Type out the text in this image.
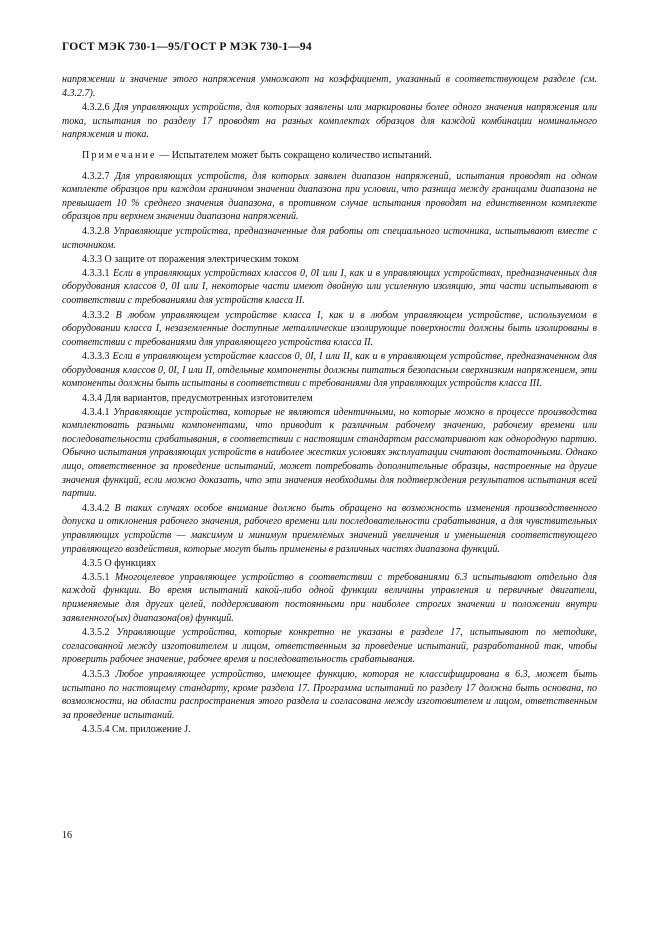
ГОСТ МЭК 730-1—95/ГОСТ Р МЭК 730-1—94

напряжении и значение этого напряжения умножают на коэффициент, указанный в соответствующем разделе (см. 4.3.2.7).

4.3.2.6 Для управляющих устройств, для которых заявлены или маркированы более одного значения напряжения или тока, испытания по разделу 17 проводят на разных комплектах образцов для каждой комбинации номинального напряжения и тока.

Примечание — Испытателем может быть сокращено количество испытаний.

4.3.2.7 Для управляющих устройств, для которых заявлен диапазон напряжений, испытания проводят на одном комплекте образцов при каждом граничном значении диапазона при условии, что разница между границами диапазона не превышает 10 % среднего значения диапазона, в противном случае испытания проводят на единственном комплекте образцов при верхнем значении диапазона напряжений.

4.3.2.8 Управляющие устройства, предназначенные для работы от специального источника, испытывают вместе с источником.

4.3.3 О защите от поражения электрическим током

4.3.3.1 Если в управляющих устройствах классов 0, 0I или I, как и в управляющих устройствах, предназначенных для оборудования классов 0, 0I или I, некоторые части имеют двойную или усиленную изоляцию, эти части испытывают в соответствии с требованиями для устройств класса II.

4.3.3.2 В любом управляющем устройстве класса I, как и в любом управляющем устройстве, используемом в оборудовании класса I, незаземленные доступные металлические изолирующие поверхности должны быть изолированы в соответствии с требованиями для управляющего устройства класса II.

4.3.3.3 Если в управляющем устройстве классов 0, 0I, I или II, как и в управляющем устройстве, предназначенном для оборудования классов 0, 0I, I или II, отдельные компоненты должны питаться безопасным сверхнизким напряжением, эти компоненты должны быть испытаны в соответствии с требованиями для управляющих устройств класса III.

4.3.4 Для вариантов, предусмотренных изготовителем

4.3.4.1 Управляющие устройства, которые не являются идентичными, но которые можно в процессе производства комплектовать разными компонентами, что приводит к различным рабочему значению, рабочему времени или последовательности срабатывания, в соответствии с настоящим стандартом рассматривают как однородную партию. Обычно испытания управляющих устройств в наиболее жестких условиях эксплуатации считают достаточными. Однако лицо, ответственное за проведение испытаний, может потребовать дополнительные образцы, настроенные на другие значения функций, если можно доказать, что эти значения необходимы для подтверждения результатов испытания всей партии.

4.3.4.2 В таких случаях особое внимание должно быть обращено на возможность изменения производственного допуска и отклонения рабочего значения, рабочего времени или последовательности срабатывания, а для чувствительных управляющих устройств — максимум и минимум приемлемых значений увеличения и уменьшения соответствующего управляющего воздействия, которые могут быть применены в различных частях диапазона функций.

4.3.5 О функциях

4.3.5.1 Многоцелевое управляющее устройство в соответствии с требованиями 6.3 испытывают отдельно для каждой функции. Во время испытаний какой-либо одной функции величины управления и первичные двигатели, применяемые для других целей, поддерживают постоянными при наиболее строгих значении и положении внутри заявленного(ых) диапазона(ов) функций.

4.3.5.2 Управляющие устройства, которые конкретно не указаны в разделе 17, испытывают по методике, согласованной между изготовителем и лицом, ответственным за проведение испытаний, разработанной так, чтобы проверить рабочее значение, рабочее время и последовательность срабатывания.

4.3.5.3 Любое управляющее устройство, имеющее функцию, которая не классифицирована в 6.3, может быть испытано по настоящему стандарту, кроме раздела 17. Программа испытаний по разделу 17 должна быть основана, по возможности, на области распространения этого раздела и согласована между изготовителем и лицом, ответственным за проведение испытаний.

4.3.5.4 См. приложение J.

16
